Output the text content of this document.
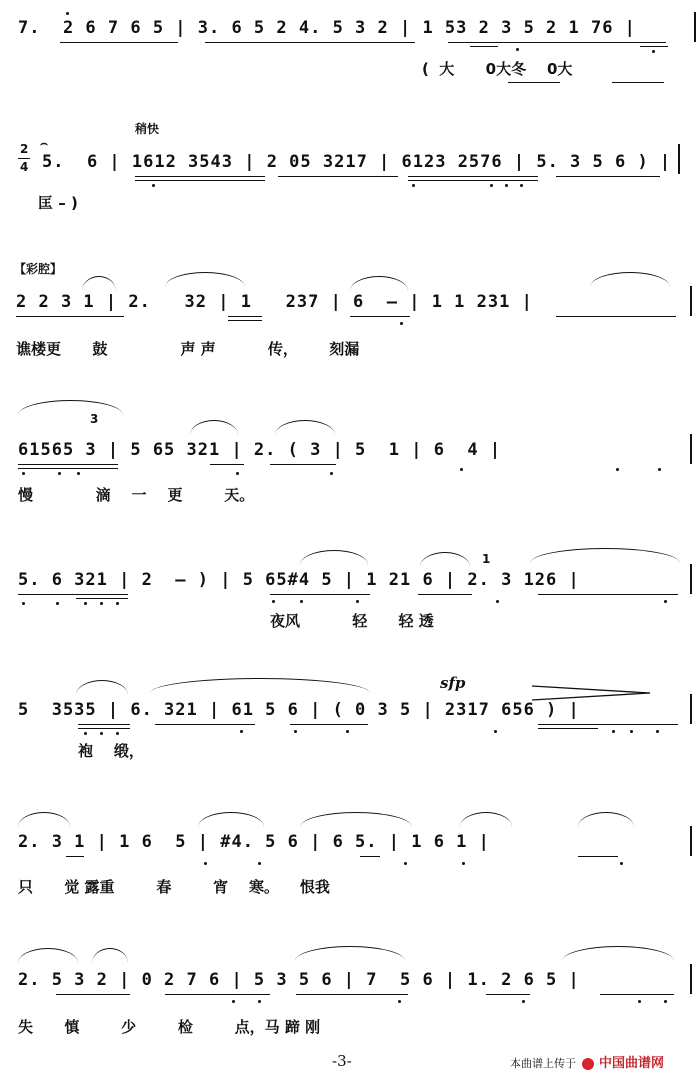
7.  2 6 7 6 5 | 3. 6 5 2 4. 5 3 2 | 1 53 2 3 5 2 1 76 |

(  大      0大冬    0大
2
4
稍快
⌢

5.  6 | 1612 3543 | 2 05 3217 | 6123 2576 | 5. 3 5 6 ) |

匡 – )
【彩腔】

2 2 3 1 | 2.   32 | 1   237 | 6  – | 1 1 231 |

谯楼更      鼓              声 声          传，      刻漏
3

61565 3 | 5 65 321 | 2. ( 3 | 5  1 | 6  4 |

慢            滴    一    更        天。
1

5. 6 321 | 2  – ) | 5 65#4 5 | 1 21 6 | 2. 3 126 |

夜风          轻      轻 透
sfp

5  3535 | 6. 321 | 61 5 6 | ( 0 3 5 | 2317 656 ) |

袍    缎，

2. 3 1 | 1 6  5 | #4. 5 6 | 6 5. | 1 6 1 |

只      觉 露重        春        宵    寒。    恨我

2. 5 3 2 | 0 2 7 6 | 5 3 5 6 | 7  5 6 | 1. 2 6 5 |

失      慎        少        检        点，马 蹄 刚
-3-	本曲谱上传于 中国曲谱网
